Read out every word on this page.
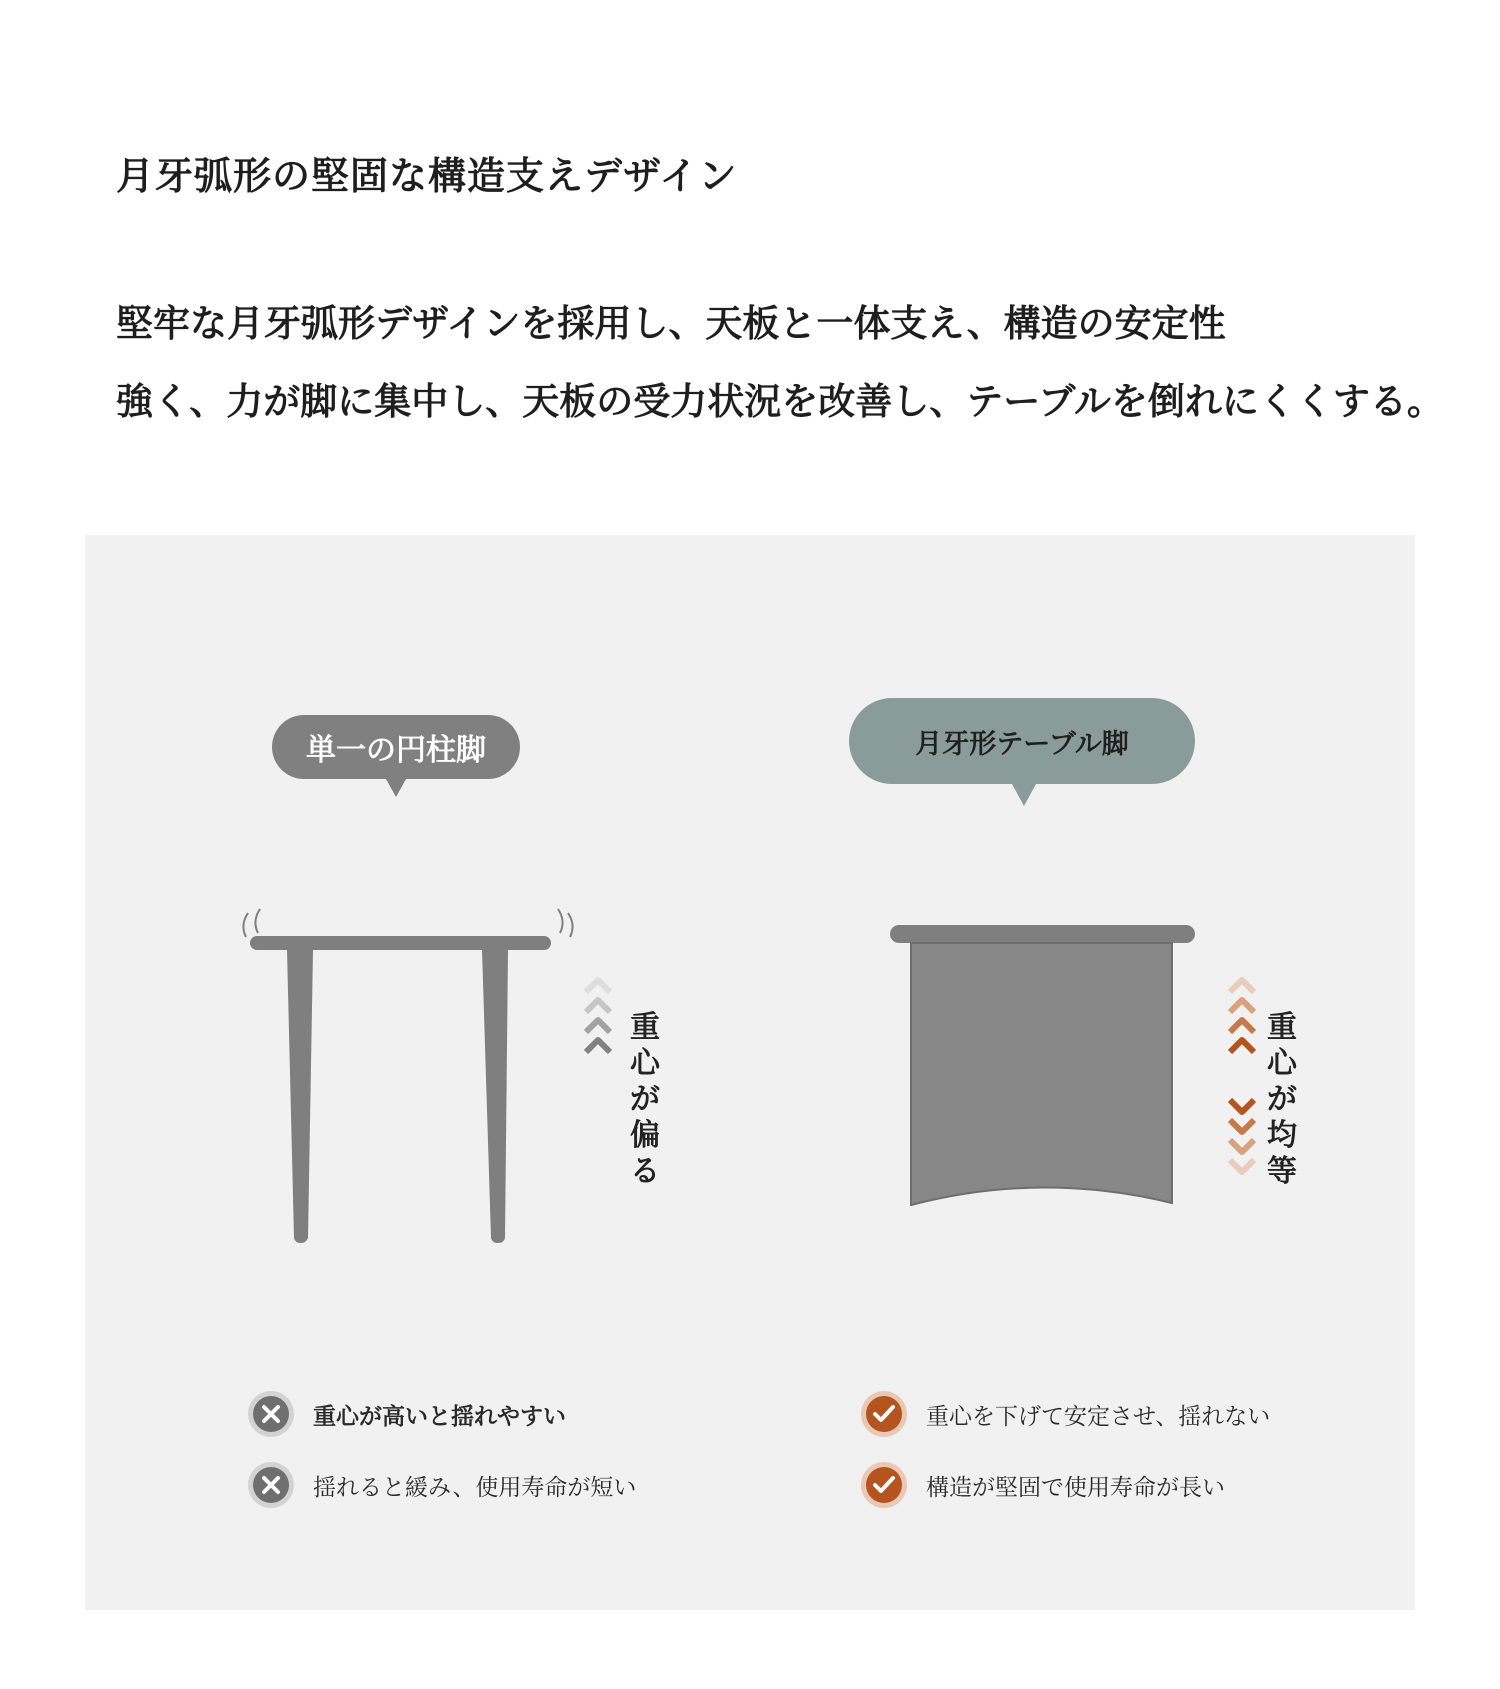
月牙弧形の堅固な構造支えデザイン

堅牢な月牙弧形デザインを採用し、天板と一体支え、構造の安定性
強く、力が脚に集中し、天板の受力状況を改善し、テーブルを倒れにくくする。

単一の円柱脚
重心が偏る
月牙形テーブル脚
重心が均等
重心が高いと揺れやすい
揺れると緩み、使用寿命が短い
重心を下げて安定させ、揺れない
構造が堅固で使用寿命が長い
